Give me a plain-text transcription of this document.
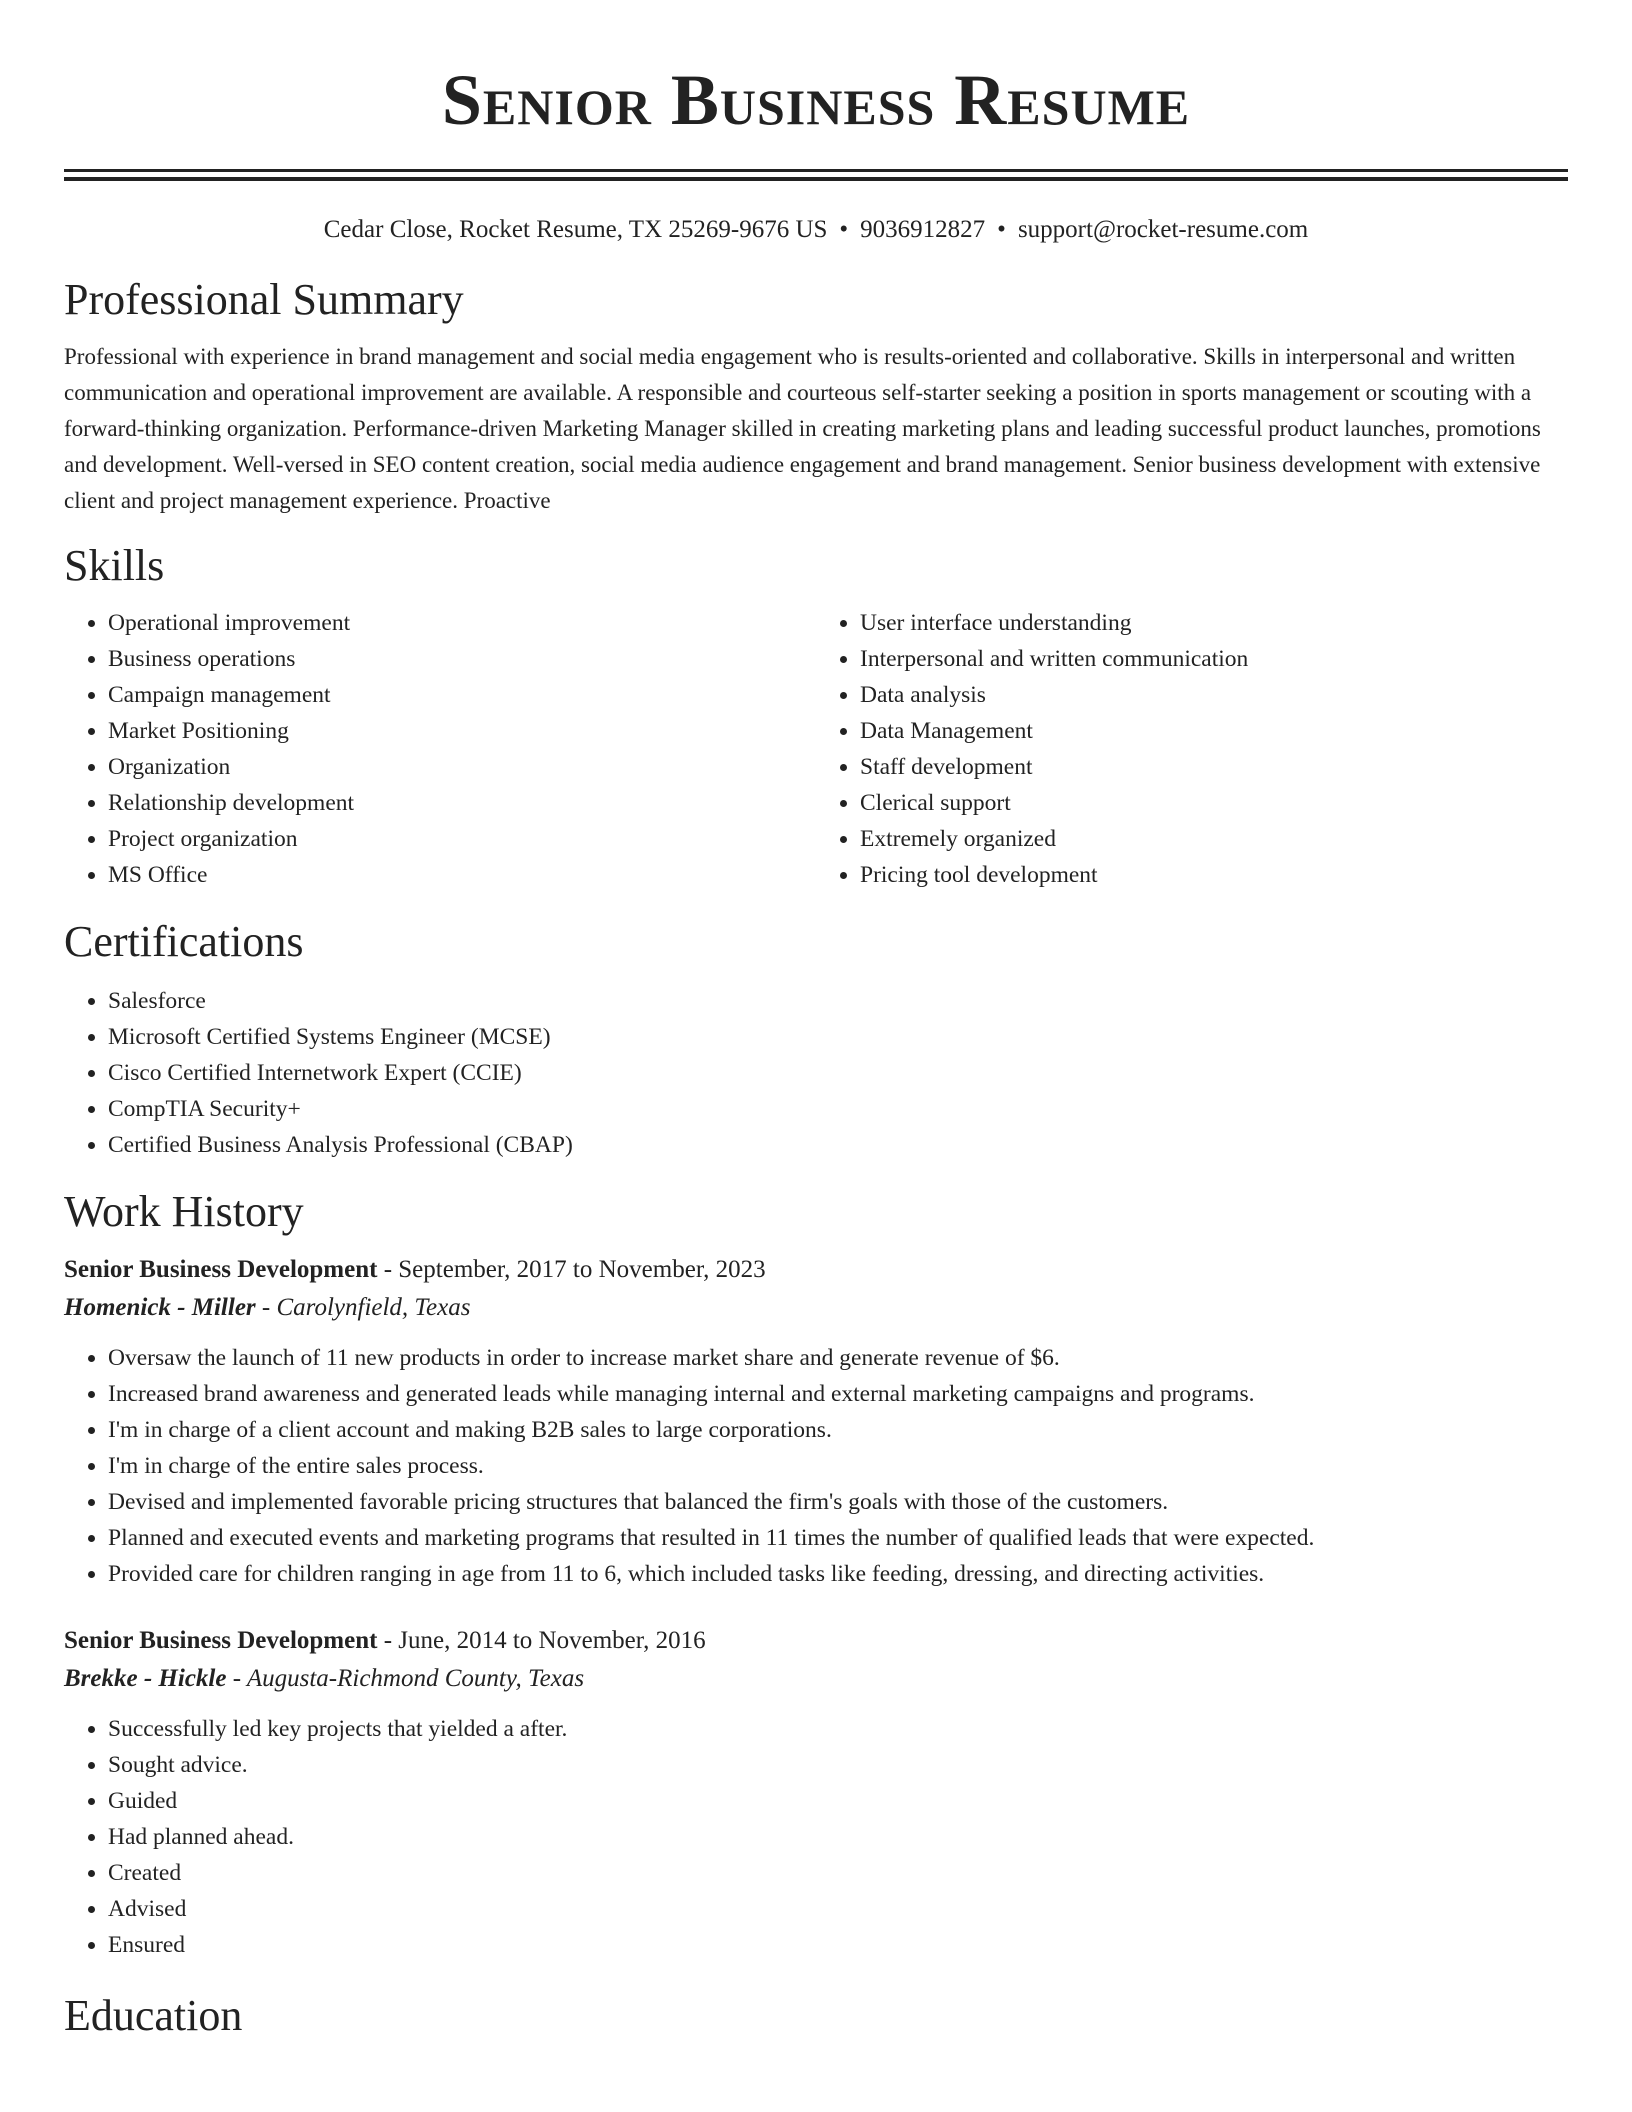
Senior Business Resume
Cedar Close, Rocket Resume, TX 25269-9676 US • 9036912827 • support@rocket-resume.com
Professional Summary
Professional with experience in brand management and social media engagement who is results-oriented and collaborative. Skills in interpersonal and written communication and operational improvement are available. A responsible and courteous self-starter seeking a position in sports management or scouting with a forward-thinking organization. Performance-driven Marketing Manager skilled in creating marketing plans and leading successful product launches, promotions and development. Well-versed in SEO content creation, social media audience engagement and brand management. Senior business development with extensive client and project management experience. Proactive
Skills
• Operational improvement
• Business operations
• Campaign management
• Market Positioning
• Organization
• Relationship development
• Project organization
• MS Office
• User interface understanding
• Interpersonal and written communication
• Data analysis
• Data Management
• Staff development
• Clerical support
• Extremely organized
• Pricing tool development
Certifications
• Salesforce
• Microsoft Certified Systems Engineer (MCSE)
• Cisco Certified Internetwork Expert (CCIE)
• CompTIA Security+
• Certified Business Analysis Professional (CBAP)
Work History
Senior Business Development - September, 2017 to November, 2023
Homenick - Miller - Carolynfield, Texas
• Oversaw the launch of 11 new products in order to increase market share and generate revenue of $6.
• Increased brand awareness and generated leads while managing internal and external marketing campaigns and programs.
• I'm in charge of a client account and making B2B sales to large corporations.
• I'm in charge of the entire sales process.
• Devised and implemented favorable pricing structures that balanced the firm's goals with those of the customers.
• Planned and executed events and marketing programs that resulted in 11 times the number of qualified leads that were expected.
• Provided care for children ranging in age from 11 to 6, which included tasks like feeding, dressing, and directing activities.
Senior Business Development - June, 2014 to November, 2016
Brekke - Hickle - Augusta-Richmond County, Texas
• Successfully led key projects that yielded a after.
• Sought advice.
• Guided
• Had planned ahead.
• Created
• Advised
• Ensured
Education
